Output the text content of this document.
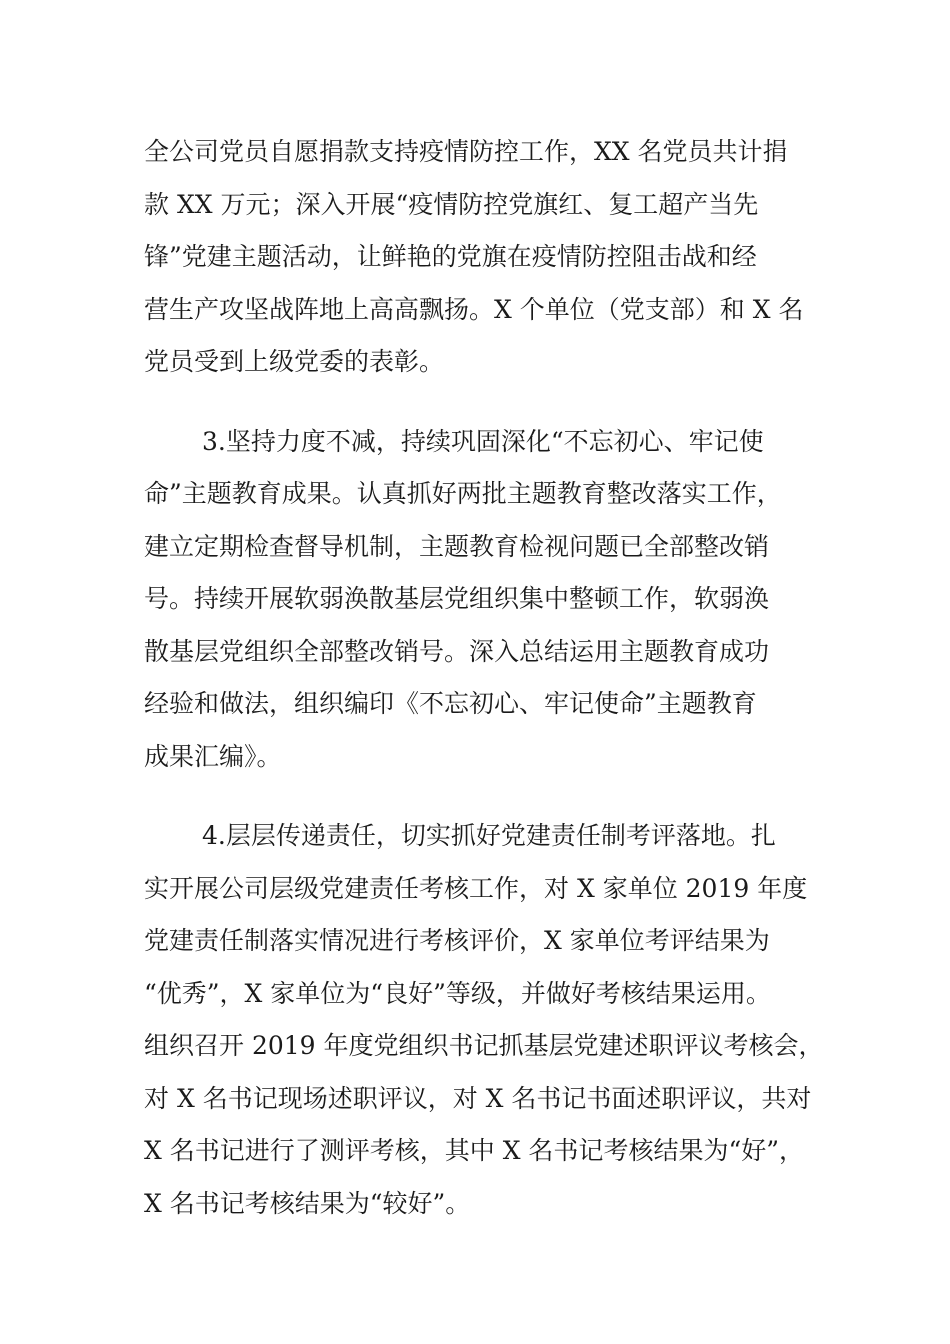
全公司党员自愿捐款支持疫情防控工作，XX 名党员共计捐
款 XX 万元；深入开展“疫情防控党旗红、复工超产当先
锋”党建主题活动，让鲜艳的党旗在疫情防控阻击战和经
营生产攻坚战阵地上高高飘扬。X 个单位（党支部）和 X 名
党员受到上级党委的表彰。

3.坚持力度不减，持续巩固深化“不忘初心、牢记使
命”主题教育成果。认真抓好两批主题教育整改落实工作，
建立定期检查督导机制，主题教育检视问题已全部整改销
号。持续开展软弱涣散基层党组织集中整顿工作，软弱涣
散基层党组织全部整改销号。深入总结运用主题教育成功
经验和做法，组织编印《不忘初心、牢记使命”主题教育
成果汇编》。

4.层层传递责任，切实抓好党建责任制考评落地。扎
实开展公司层级党建责任考核工作，对 X 家单位 2019 年度
党建责任制落实情况进行考核评价，X 家单位考评结果为
“优秀”，X 家单位为“良好”等级，并做好考核结果运用。
组织召开 2019 年度党组织书记抓基层党建述职评议考核会，
对 X 名书记现场述职评议，对 X 名书记书面述职评议，共对
X 名书记进行了测评考核，其中 X 名书记考核结果为“好”，
X 名书记考核结果为“较好”。
